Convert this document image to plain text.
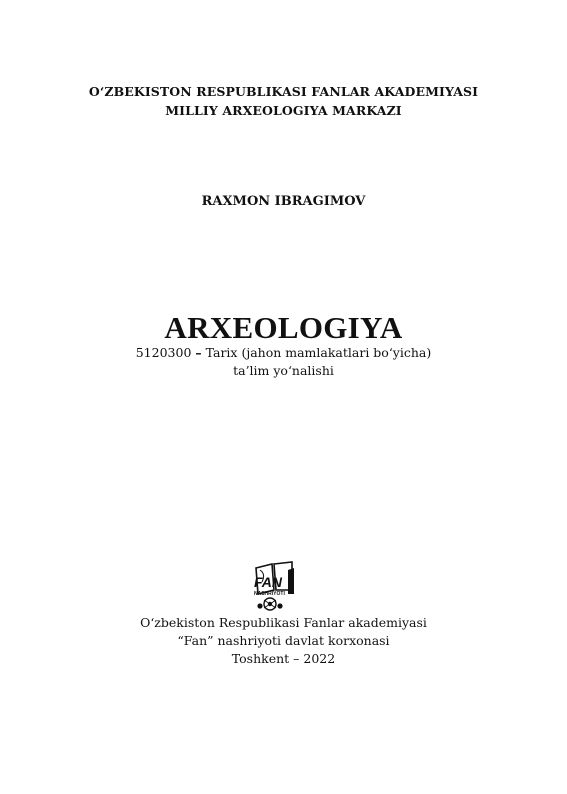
O‘ZBEKISTON RESPUBLIKASI FANLAR AKADEMIYASI
MILLIY ARXEOLOGIYA MARKAZI
RAXMON IBRAGIMOV
ARXEOLOGIYA
5120300 – Tarix (jahon mamlakatlari bo‘yicha)
ta’lim yo‘nalishi
FAN
NASHRIYOTI
O‘zbekiston Respublikasi Fanlar akademiyasi
“Fan” nashriyoti davlat korxonasi
Toshkent – 2022
